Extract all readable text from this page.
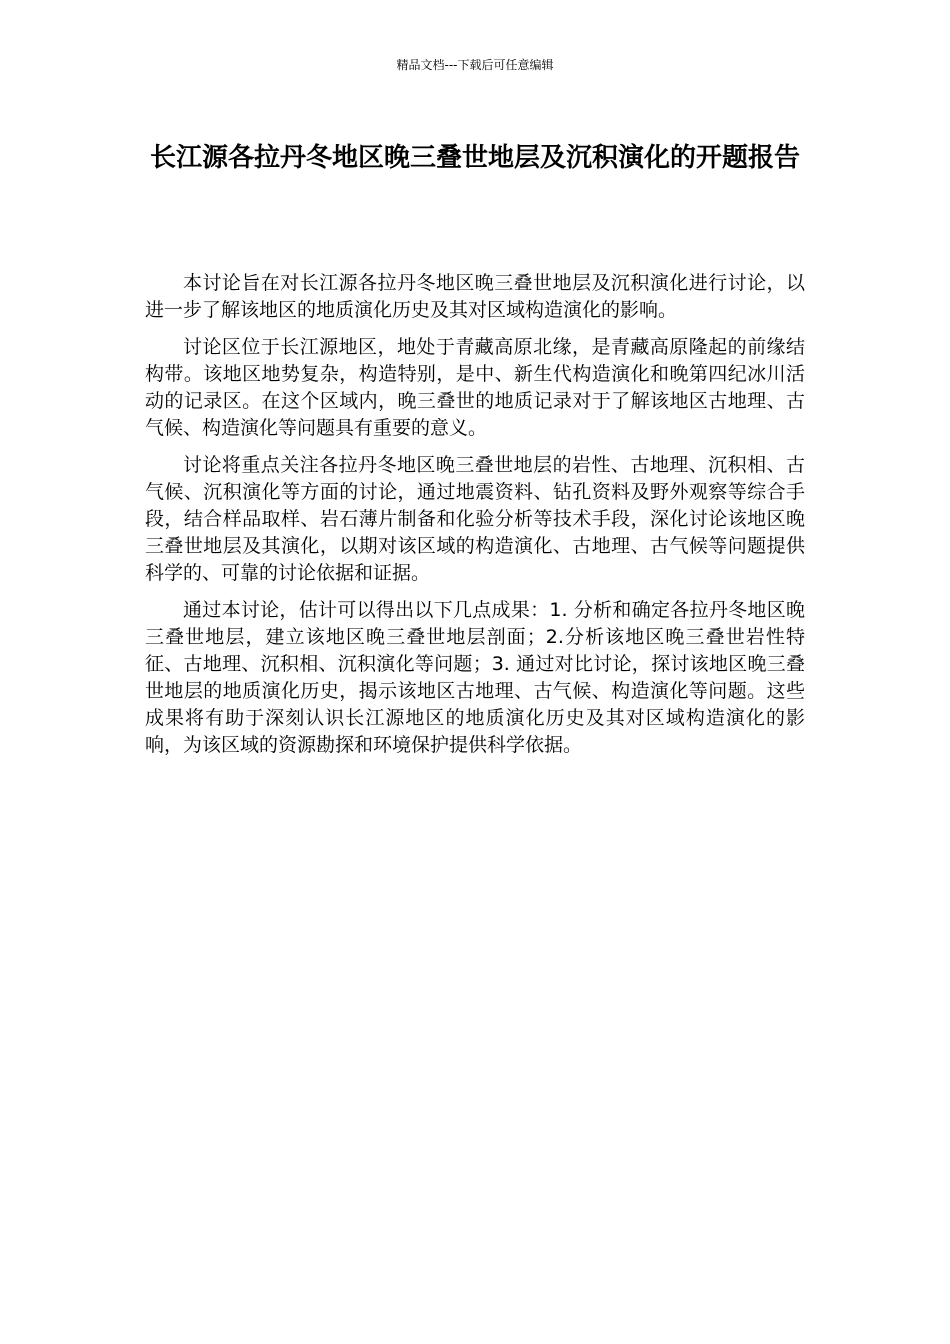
精品文档---下载后可任意编辑
长江源各拉丹冬地区晚三叠世地层及沉积演化的开题报告

本讨论旨在对长江源各拉丹冬地区晚三叠世地层及沉积演化进行讨论，以进一步了解该地区的地质演化历史及其对区域构造演化的影响。

讨论区位于长江源地区，地处于青藏高原北缘，是青藏高原隆起的前缘结构带。该地区地势复杂，构造特别，是中、新生代构造演化和晚第四纪冰川活动的记录区。在这个区域内，晚三叠世的地质记录对于了解该地区古地理、古气候、构造演化等问题具有重要的意义。

讨论将重点关注各拉丹冬地区晚三叠世地层的岩性、古地理、沉积相、古气候、沉积演化等方面的讨论，通过地震资料、钻孔资料及野外观察等综合手段，结合样品取样、岩石薄片制备和化验分析等技术手段，深化讨论该地区晚三叠世地层及其演化，以期对该区域的构造演化、古地理、古气候等问题提供科学的、可靠的讨论依据和证据。

通过本讨论，估计可以得出以下几点成果：1. 分析和确定各拉丹冬地区晚三叠世地层，建立该地区晚三叠世地层剖面；2.分析该地区晚三叠世岩性特征、古地理、沉积相、沉积演化等问题；3. 通过对比讨论，探讨该地区晚三叠世地层的地质演化历史，揭示该地区古地理、古气候、构造演化等问题。这些成果将有助于深刻认识长江源地区的地质演化历史及其对区域构造演化的影响，为该区域的资源勘探和环境保护提供科学依据。
